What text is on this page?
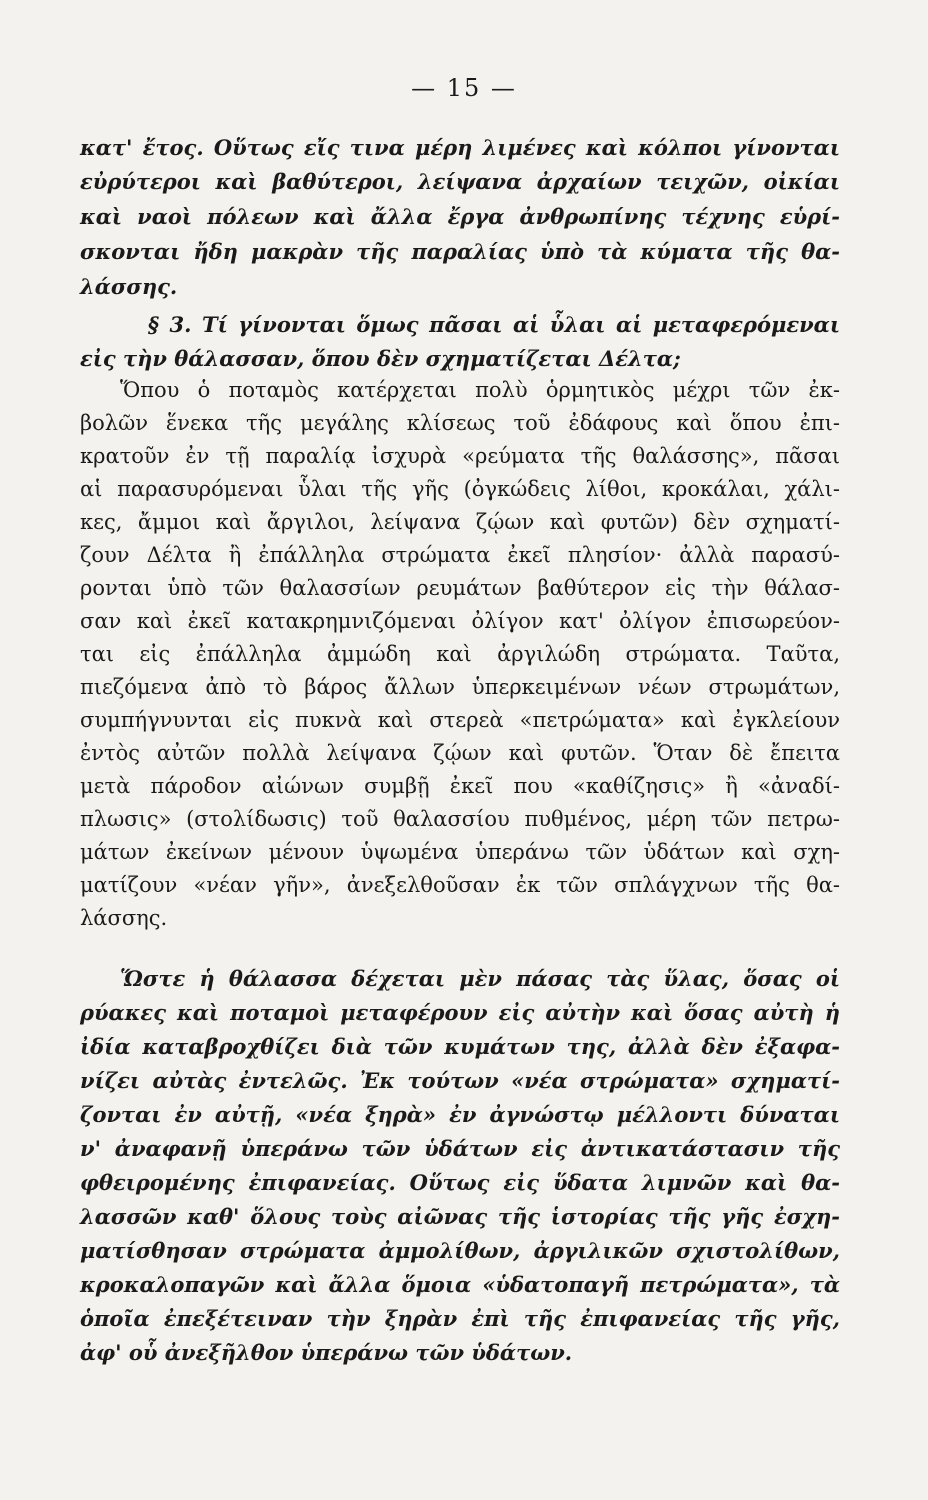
— 15 —
κατ' ἔτος. Οὕτως εἴς τινα μέρη λιμένες καὶ κόλποι γίνονται
εὐρύτεροι καὶ βαθύτεροι, λείψανα ἀρχαίων τειχῶν, οἰκίαι
καὶ ναοὶ πόλεων καὶ ἄλλα ἔργα ἀνθρωπίνης τέχνης εὑρί-
σκονται ἤδη μακρὰν τῆς παραλίας ὑπὸ τὰ κύματα τῆς θα-
λάσσης.
§ 3. Τί γίνονται ὅμως πᾶσαι αἱ ὗλαι αἱ μεταφερόμεναι
εἰς τὴν θάλασσαν, ὅπου δὲν σχηματίζεται Δέλτα;
Ὅπου ὁ ποταμὸς κατέρχεται πολὺ ὁρμητικὸς μέχρι τῶν ἐκ-
βολῶν ἕνεκα τῆς μεγάλης κλίσεως τοῦ ἐδάφους καὶ ὅπου ἐπι-
κρατοῦν ἐν τῇ παραλίᾳ ἰσχυρὰ «ρεύματα τῆς θαλάσσης», πᾶσαι
αἱ παρασυρόμεναι ὗλαι τῆς γῆς (ὀγκώδεις λίθοι, κροκάλαι, χάλι-
κες, ἄμμοι καὶ ἄργιλοι, λείψανα ζῴων καὶ φυτῶν) δὲν σχηματί-
ζουν Δέλτα ἢ ἐπάλληλα στρώματα ἐκεῖ πλησίον· ἀλλὰ παρασύ-
ρονται ὑπὸ τῶν θαλασσίων ρευμάτων βαθύτερον εἰς τὴν θάλασ-
σαν καὶ ἐκεῖ κατακρημνιζόμεναι ὀλίγον κατ' ὀλίγον ἐπισωρεύον-
ται εἰς ἐπάλληλα ἀμμώδη καὶ ἀργιλώδη στρώματα. Ταῦτα,
πιεζόμενα ἀπὸ τὸ βάρος ἄλλων ὑπερκειμένων νέων στρωμάτων,
συμπήγνυνται εἰς πυκνὰ καὶ στερεὰ «πετρώματα» καὶ ἐγκλείουν
ἐντὸς αὐτῶν πολλὰ λείψανα ζῴων καὶ φυτῶν. Ὅταν δὲ ἔπειτα
μετὰ πάροδον αἰώνων συμβῇ ἐκεῖ που «καθίζησις» ἢ «ἀναδί-
πλωσις» (στολίδωσις) τοῦ θαλασσίου πυθμένος, μέρη τῶν πετρω-
μάτων ἐκείνων μένουν ὑψωμένα ὑπεράνω τῶν ὑδάτων καὶ σχη-
ματίζουν «νέαν γῆν», ἀνεξελθοῦσαν ἐκ τῶν σπλάγχνων τῆς θα-
λάσσης.
Ὥστε ἡ θάλασσα δέχεται μὲν πάσας τὰς ὕλας, ὅσας οἱ
ρύακες καὶ ποταμοὶ μεταφέρουν εἰς αὐτὴν καὶ ὅσας αὐτὴ ἡ
ἰδία καταβροχθίζει διὰ τῶν κυμάτων της, ἀλλὰ δὲν ἐξαφα-
νίζει αὐτὰς ἐντελῶς. Ἐκ τούτων «νέα στρώματα» σχηματί-
ζονται ἐν αὐτῇ, «νέα ξηρὰ» ἐν ἀγνώστῳ μέλλοντι δύναται
ν' ἀναφανῇ ὑπεράνω τῶν ὑδάτων εἰς ἀντικατάστασιν τῆς
φθειρομένης ἐπιφανείας. Οὕτως εἰς ὕδατα λιμνῶν καὶ θα-
λασσῶν καθ' ὅλους τοὺς αἰῶνας τῆς ἱστορίας τῆς γῆς ἐσχη-
ματίσθησαν στρώματα ἀμμολίθων, ἀργιλικῶν σχιστολίθων,
κροκαλοπαγῶν καὶ ἄλλα ὅμοια «ὑδατοπαγῆ πετρώματα», τὰ
ὁποῖα ἐπεξέτειναν τὴν ξηρὰν ἐπὶ τῆς ἐπιφανείας τῆς γῆς,
ἀφ' οὗ ἀνεξῆλθον ὑπεράνω τῶν ὑδάτων.
